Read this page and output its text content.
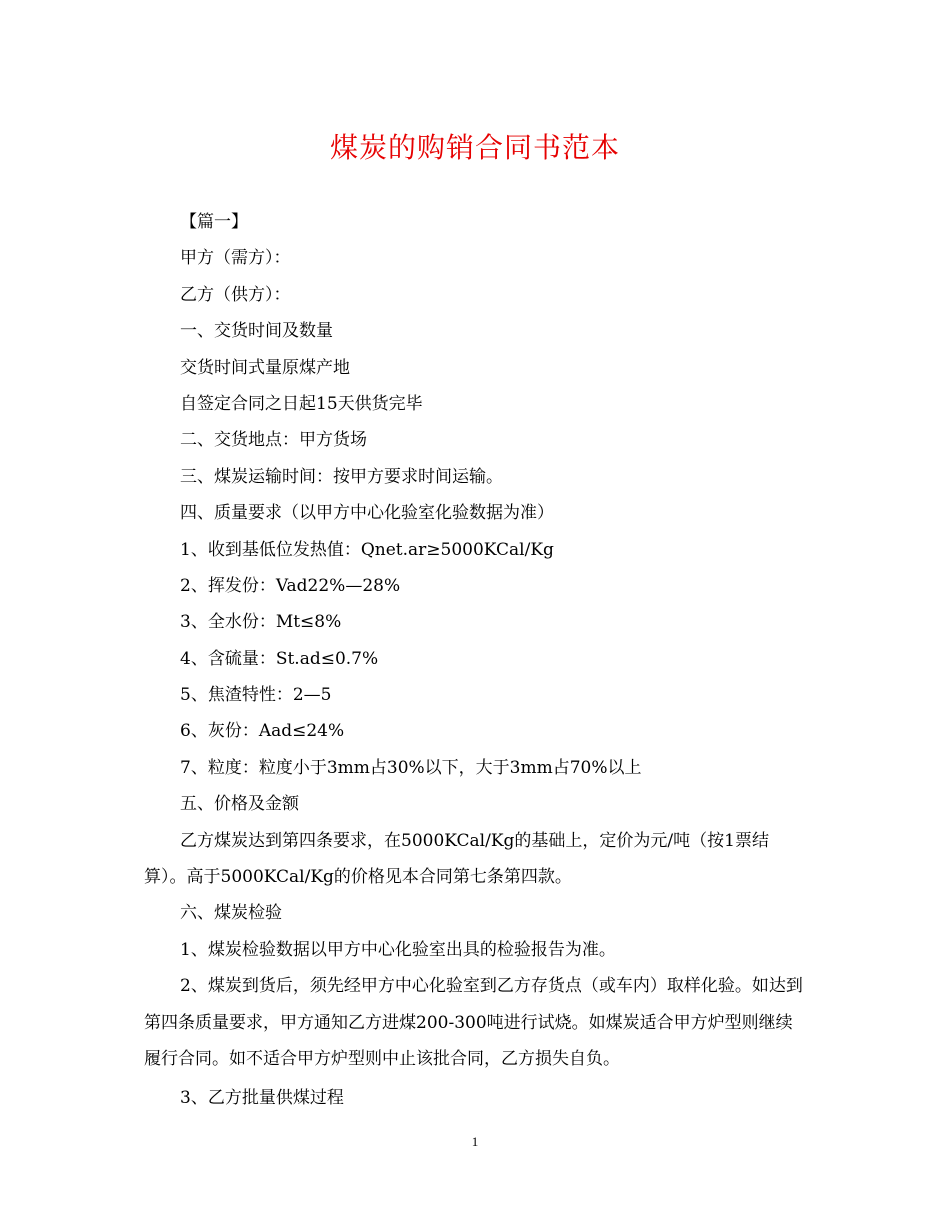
煤炭的购销合同书范本
【篇一】
甲方（需方）：
乙方（供方）：
一、交货时间及数量
交货时间式量原煤产地
自签定合同之日起15天供货完毕
二、交货地点：甲方货场
三、煤炭运输时间：按甲方要求时间运输。
四、质量要求（以甲方中心化验室化验数据为准）
1、收到基低位发热值：Qnet.ar≥5000KCal/Kg
2、挥发份：Vad22%—28%
3、全水份：Mt≤8%
4、含硫量：St.ad≤0.7%
5、焦渣特性：2—5
6、灰份：Aad≤24%
7、粒度：粒度小于3mm占30%以下，大于3mm占70%以上
五、价格及金额

乙方煤炭达到第四条要求，在5000KCal/Kg的基础上，定价为元/吨（按1票结算）。高于5000KCal/Kg的价格见本合同第七条第四款。

六、煤炭检验
1、煤炭检验数据以甲方中心化验室出具的检验报告为准。

2、煤炭到货后，须先经甲方中心化验室到乙方存货点（或车内）取样化验。如达到第四条质量要求，甲方通知乙方进煤200-300吨进行试烧。如煤炭适合甲方炉型则继续履行合同。如不适合甲方炉型则中止该批合同，乙方损失自负。

3、乙方批量供煤过程
1
